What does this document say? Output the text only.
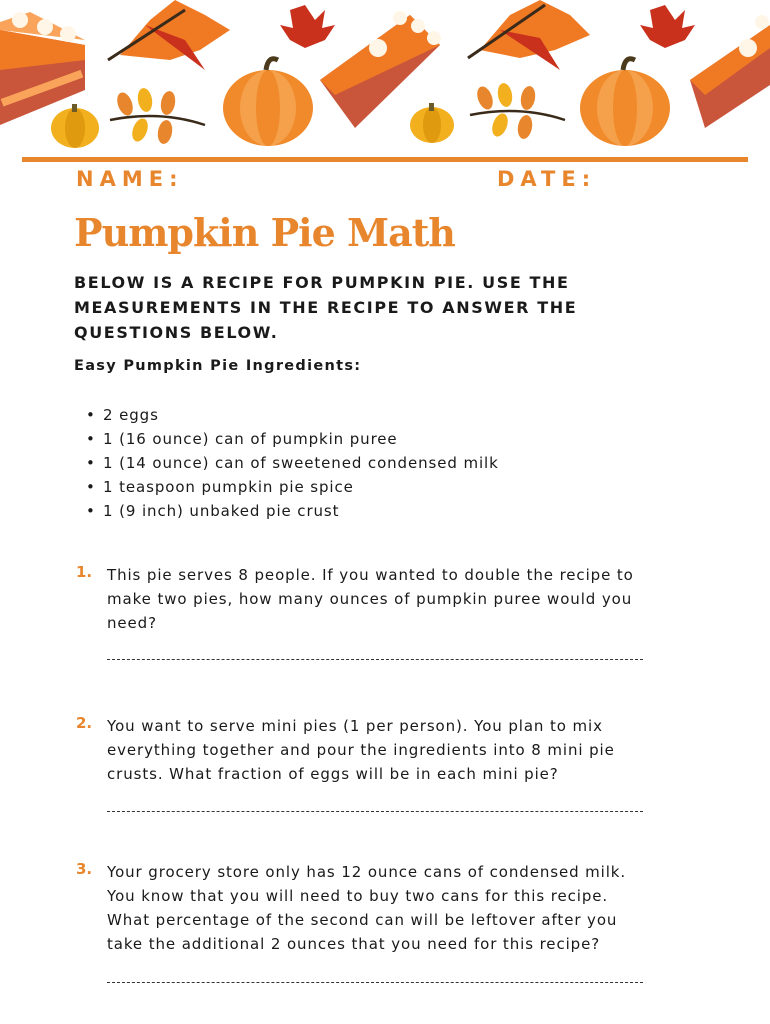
NAME:	DATE:
Pumpkin Pie Math

BELOW IS A RECIPE FOR PUMPKIN PIE. USE THE MEASUREMENTS IN THE RECIPE TO ANSWER THE QUESTIONS BELOW.

Easy Pumpkin Pie Ingredients:

• 2 eggs
• 1 (16 ounce) can of pumpkin puree
• 1 (14 ounce) can of sweetened condensed milk
• 1 teaspoon pumpkin pie spice
• 1 (9 inch) unbaked pie crust
1. This pie serves 8 people. If you wanted to double the recipe to make two pies, how many ounces of pumpkin puree would you need?

2. You want to serve mini pies (1 per person). You plan to mix everything together and pour the ingredients into 8 mini pie crusts. What fraction of eggs will be in each mini pie?

3. Your grocery store only has 12 ounce cans of condensed milk. You know that you will need to buy two cans for this recipe. What percentage of the second can will be leftover after you take the additional 2 ounces that you need for this recipe?
